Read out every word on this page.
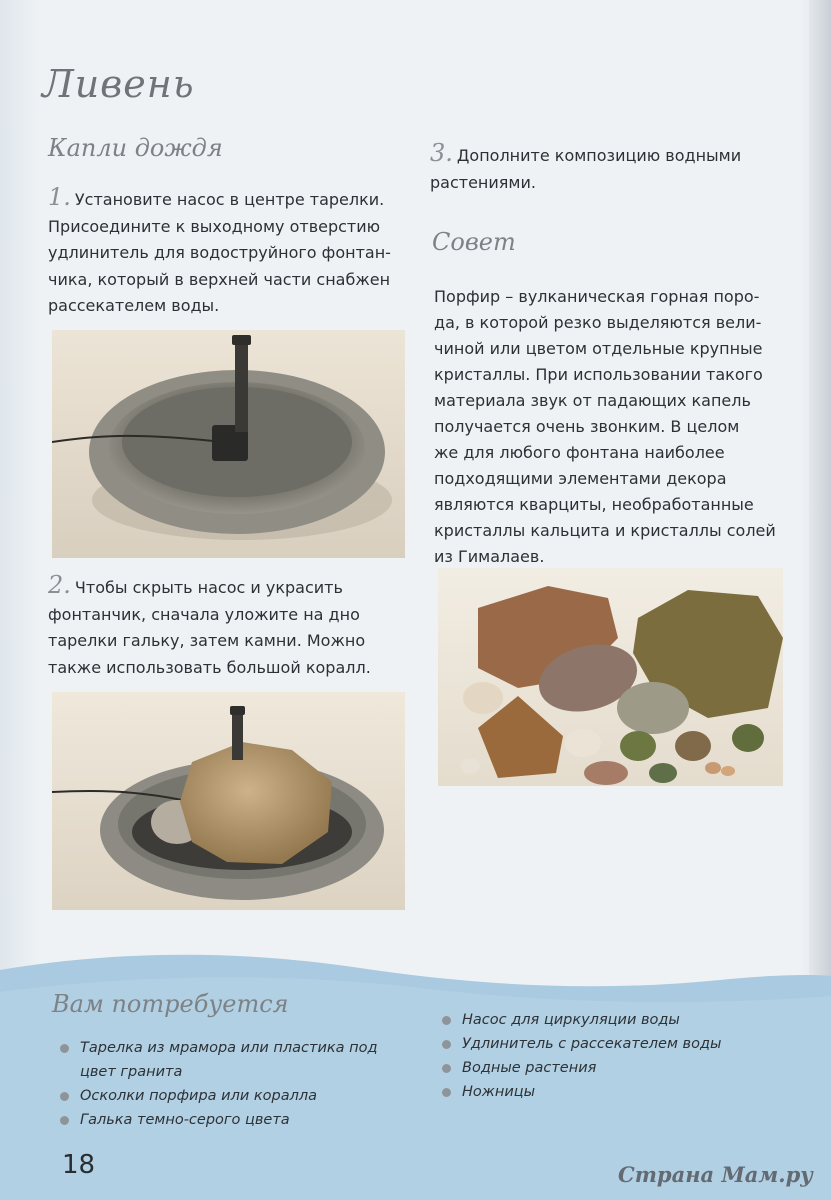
Ливень
Капли дождя
1. Установите насос в центре тарелки.
Присоедините к выходному отверстию
удлинитель для водоструйного фонтан-
чика, который в верхней части снабжен
рассекателем воды.
2. Чтобы скрыть насос и украсить
фонтанчик, сначала уложите на дно
тарелки гальку, затем камни. Можно
также использовать большой коралл.
3. Дополните композицию водными
растениями.
Совет
Порфир – вулканическая горная поро-
да, в которой резко выделяются вели-
чиной или цветом отдельные крупные
кристаллы. При использовании такого
материала звук от падающих капель
получается очень звонким. В целом
же для любого фонтана наиболее
подходящими элементами декора
являются кварциты, необработанные
кристаллы кальцита и кристаллы солей
из Гималаев.
Вам потребуется
Тарелка из мрамора или пластика под
цвет гранита
Осколки порфира или коралла
Галька темно-серого цвета
Насос для циркуляции воды
Удлинитель с рассекателем воды
Водные растения
Ножницы
18	Страна Мам.ру
